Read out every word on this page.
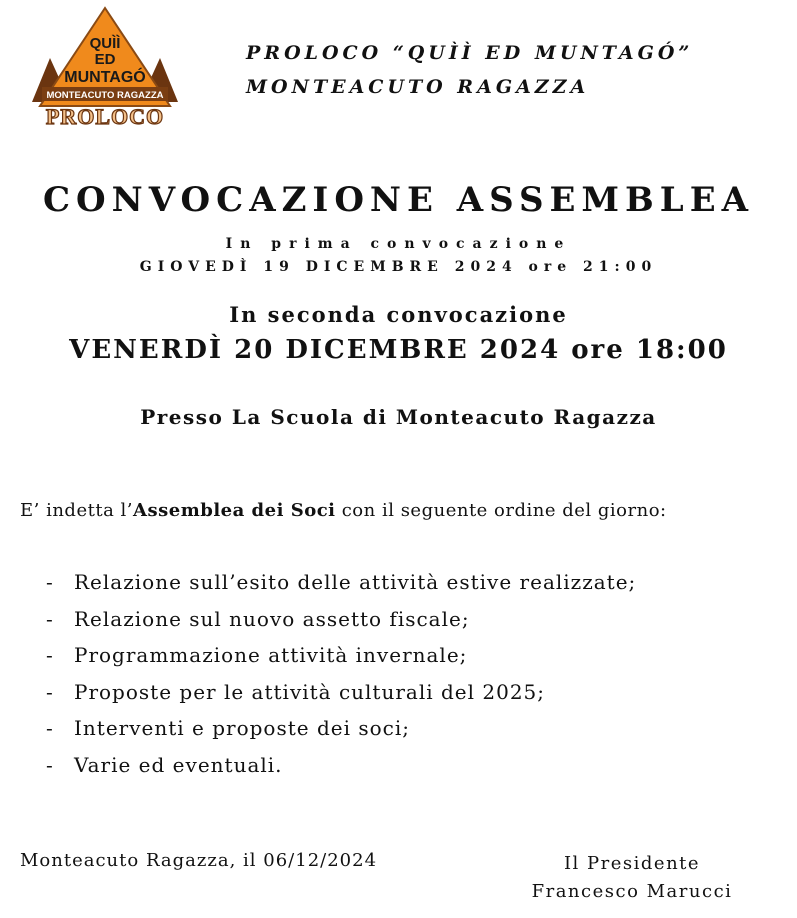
QUÌÌ
ED
MUNTAGÓ
MONTEACUTO RAGAZZA
PROLOCO
PROLOCO “QUÌÌ ED MUNTAGÓ”
MONTEACUTO RAGAZZA
CONVOCAZIONE ASSEMBLEA
In prima convocazione
GIOVEDÌ 19 DICEMBRE 2024 ore 21:00
In seconda convocazione
VENERDÌ 20 DICEMBRE 2024 ore 18:00
Presso La Scuola di Monteacuto Ragazza
E’ indetta l’Assemblea dei Soci con il seguente ordine del giorno:
- Relazione sull’esito delle attività estive realizzate;
- Relazione sul nuovo assetto fiscale;
- Programmazione attività invernale;
- Proposte per le attività culturali del 2025;
- Interventi e proposte dei soci;
- Varie ed eventuali.
Monteacuto Ragazza, il 06/12/2024	Il Presidente
Francesco Marucci
